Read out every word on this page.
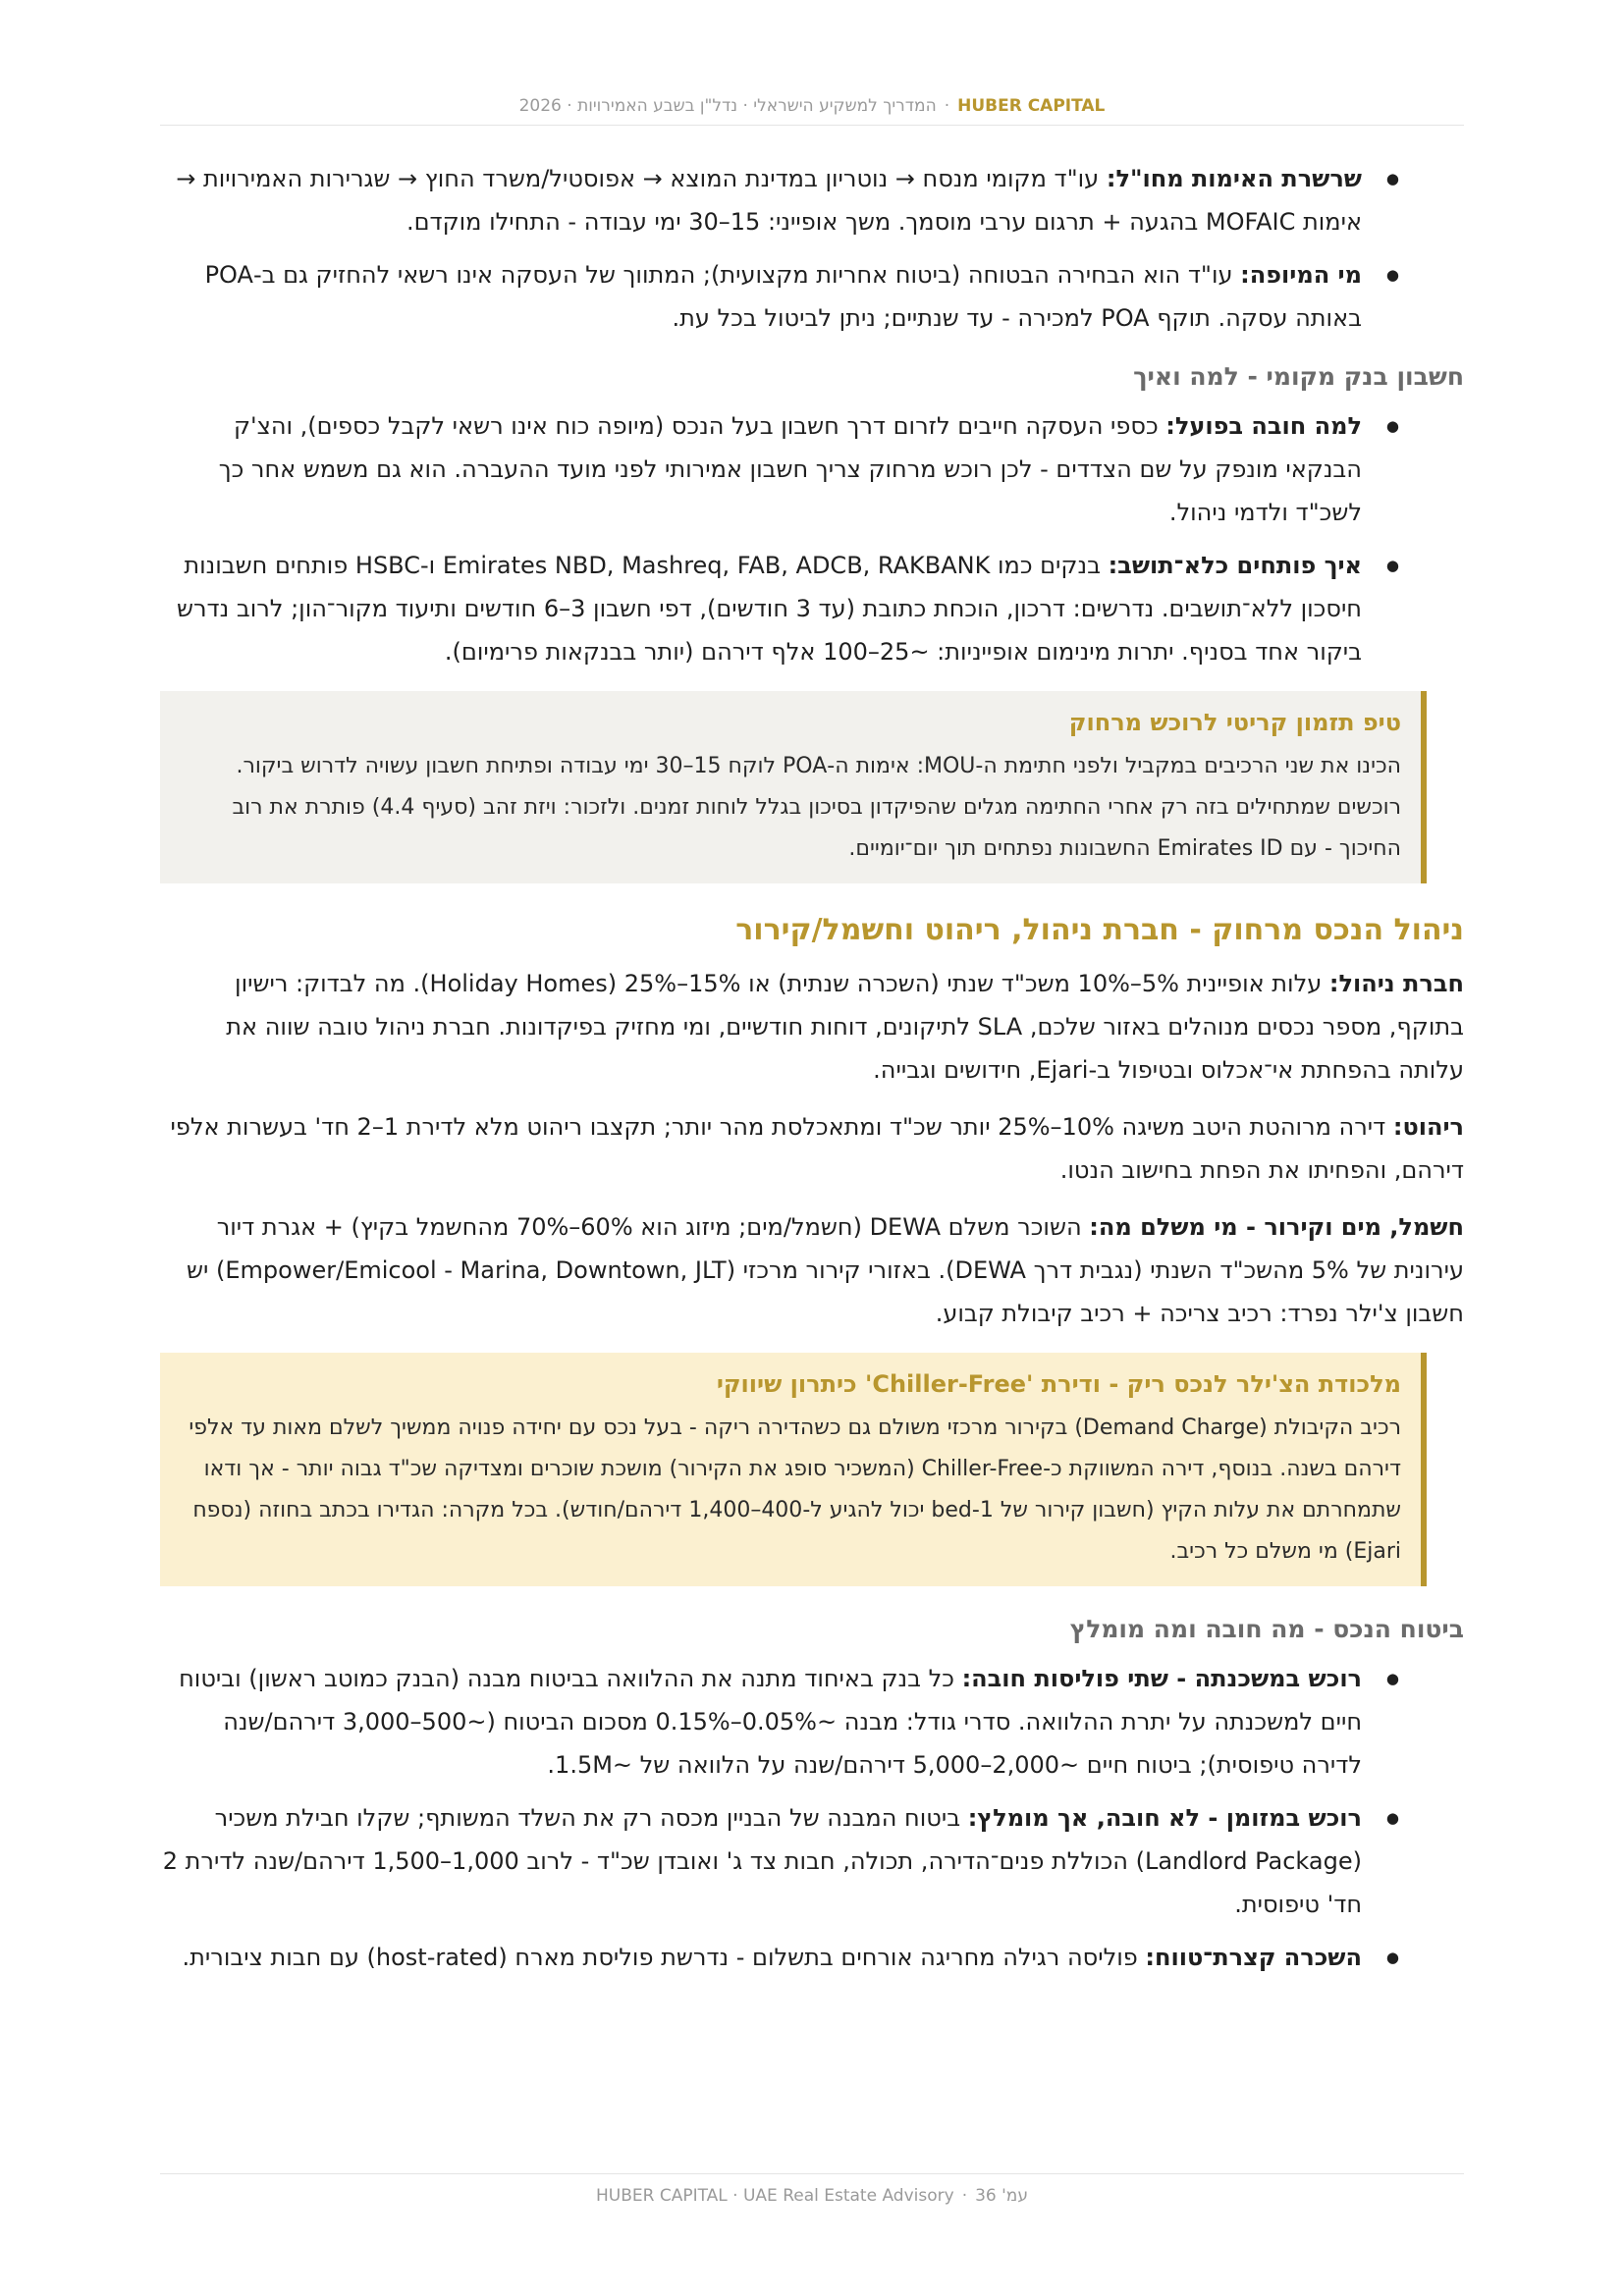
HUBER CAPITAL·המדריך למשקיע הישראלי · נדל"ן בשבע האמירויות · 2026
● שרשרת האימות מחו"ל: עו"ד מקומי מנסח → נוטריון במדינת המוצא → אפוסטיל/משרד החוץ → שגרירות האמירויות → אימות MOFAIC בהגעה + תרגום ערבי מוסמך. משך אופייני: 15–30 ימי עבודה - התחילו מוקדם.
● מי המיופה: עו"ד הוא הבחירה הבטוחה (ביטוח אחריות מקצועית); המתווך של העסקה אינו רשאי להחזיק גם ב-POA באותה עסקה. תוקף POA למכירה - עד שנתיים; ניתן לביטול בכל עת.
חשבון בנק מקומי - למה ואיך
● למה חובה בפועל: כספי העסקה חייבים לזרום דרך חשבון בעל הנכס (מיופה כוח אינו רשאי לקבל כספים), והצ'ק הבנקאי מונפק על שם הצדדים - לכן רוכש מרחוק צריך חשבון אמירותי לפני מועד ההעברה. הוא גם משמש אחר כך לשכ"ד ולדמי ניהול.
● איך פותחים כלא־תושב: בנקים כמו Emirates NBD, Mashreq, FAB, ADCB, RAKBANK ו-HSBC פותחים חשבונות חיסכון ללא־תושבים. נדרשים: דרכון, הוכחת כתובת (עד 3 חודשים), דפי חשבון 3–6 חודשים ותיעוד מקור־הון; לרוב נדרש ביקור אחד בסניף. יתרות מינימום אופייניות: ~25–100 אלף דירהם (יותר בבנקאות פרימיום).
טיפ תזמון קריטי לרוכש מרחוק
הכינו את שני הרכיבים במקביל ולפני חתימת ה-MOU: אימות ה-POA לוקח 15–30 ימי עבודה ופתיחת חשבון עשויה לדרוש ביקור. רוכשים שמתחילים בזה רק אחרי החתימה מגלים שהפיקדון בסיכון בגלל לוחות זמנים. ולזכור: ויזת זהב (סעיף 4.4) פותרת את רוב החיכוך - עם Emirates ID החשבונות נפתחים תוך יום־יומיים.
ניהול הנכס מרחוק - חברת ניהול, ריהוט וחשמל/קירור

חברת ניהול: עלות אופיינית 5%–10% משכ"ד שנתי (השכרה שנתית) או 15%–25% (Holiday Homes). מה לבדוק: רישיון בתוקף, מספר נכסים מנוהלים באזור שלכם, SLA לתיקונים, דוחות חודשיים, ומי מחזיק בפיקדונות. חברת ניהול טובה שווה את עלותה בהפחתת אי־אכלוס ובטיפול ב-Ejari, חידושים וגבייה.

ריהוט: דירה מרוהטת היטב משיגה 10%–25% יותר שכ"ד ומתאכלסת מהר יותר; תקצבו ריהוט מלא לדירת 1–2 חד' בעשרות אלפי דירהם, והפחיתו את הפחת בחישוב הנטו.

חשמל, מים וקירור - מי משלם מה: השוכר משלם DEWA (חשמל/מים; מיזוג הוא 60%–70% מהחשמל בקיץ) + אגרת דיור עירונית של 5% מהשכ"ד השנתי (נגבית דרך DEWA). באזורי קירור מרכזי (Empower/Emicool - Marina, Downtown, JLT) יש חשבון צ'ילר נפרד: רכיב צריכה + רכיב קיבולת קבוע.

מלכודת הצ'ילר לנכס ריק - ודירת 'Chiller-Free' כיתרון שיווקי
רכיב הקיבולת (Demand Charge) בקירור מרכזי משולם גם כשהדירה ריקה - בעל נכס עם יחידה פנויה ממשיך לשלם מאות עד אלפי דירהם בשנה. בנוסף, דירה המשווקת כ-Chiller-Free (המשכיר סופג את הקירור) מושכת שוכרים ומצדיקה שכ"ד גבוה יותר - אך ודאו שתמחרתם את עלות הקיץ (חשבון קירור של 1-bed יכול להגיע ל-400–1,400 דירהם/חודש). בכל מקרה: הגדירו בכתב בחוזה (נספח Ejari) מי משלם כל רכיב.
ביטוח הנכס - מה חובה ומה מומלץ
● רוכש במשכנתה - שתי פוליסות חובה: כל בנק באיחוד מתנה את ההלוואה בביטוח מבנה (הבנק כמוטב ראשון) וביטוח חיים למשכנתה על יתרת ההלוואה. סדרי גודל: מבנה ~0.05%–0.15% מסכום הביטוח (~500–3,000 דירהם/שנה לדירה טיפוסית); ביטוח חיים ~2,000–5,000 דירהם/שנה על הלוואה של ~1.5M.
● רוכש במזומן - לא חובה, אך מומלץ: ביטוח המבנה של הבניין מכסה רק את השלד המשותף; שקלו חבילת משכיר (Landlord Package) הכוללת פנים־הדירה, תכולה, חבות צד ג' ואובדן שכ"ד - לרוב 1,000–1,500 דירהם/שנה לדירת 2 חד' טיפוסית.
● השכרה קצרת־טווח: פוליסה רגילה מחריגה אורחים בתשלום - נדרשת פוליסת מארח (host-rated) עם חבות ציבורית.
עמ' 36·HUBER CAPITAL · UAE Real Estate Advisory
